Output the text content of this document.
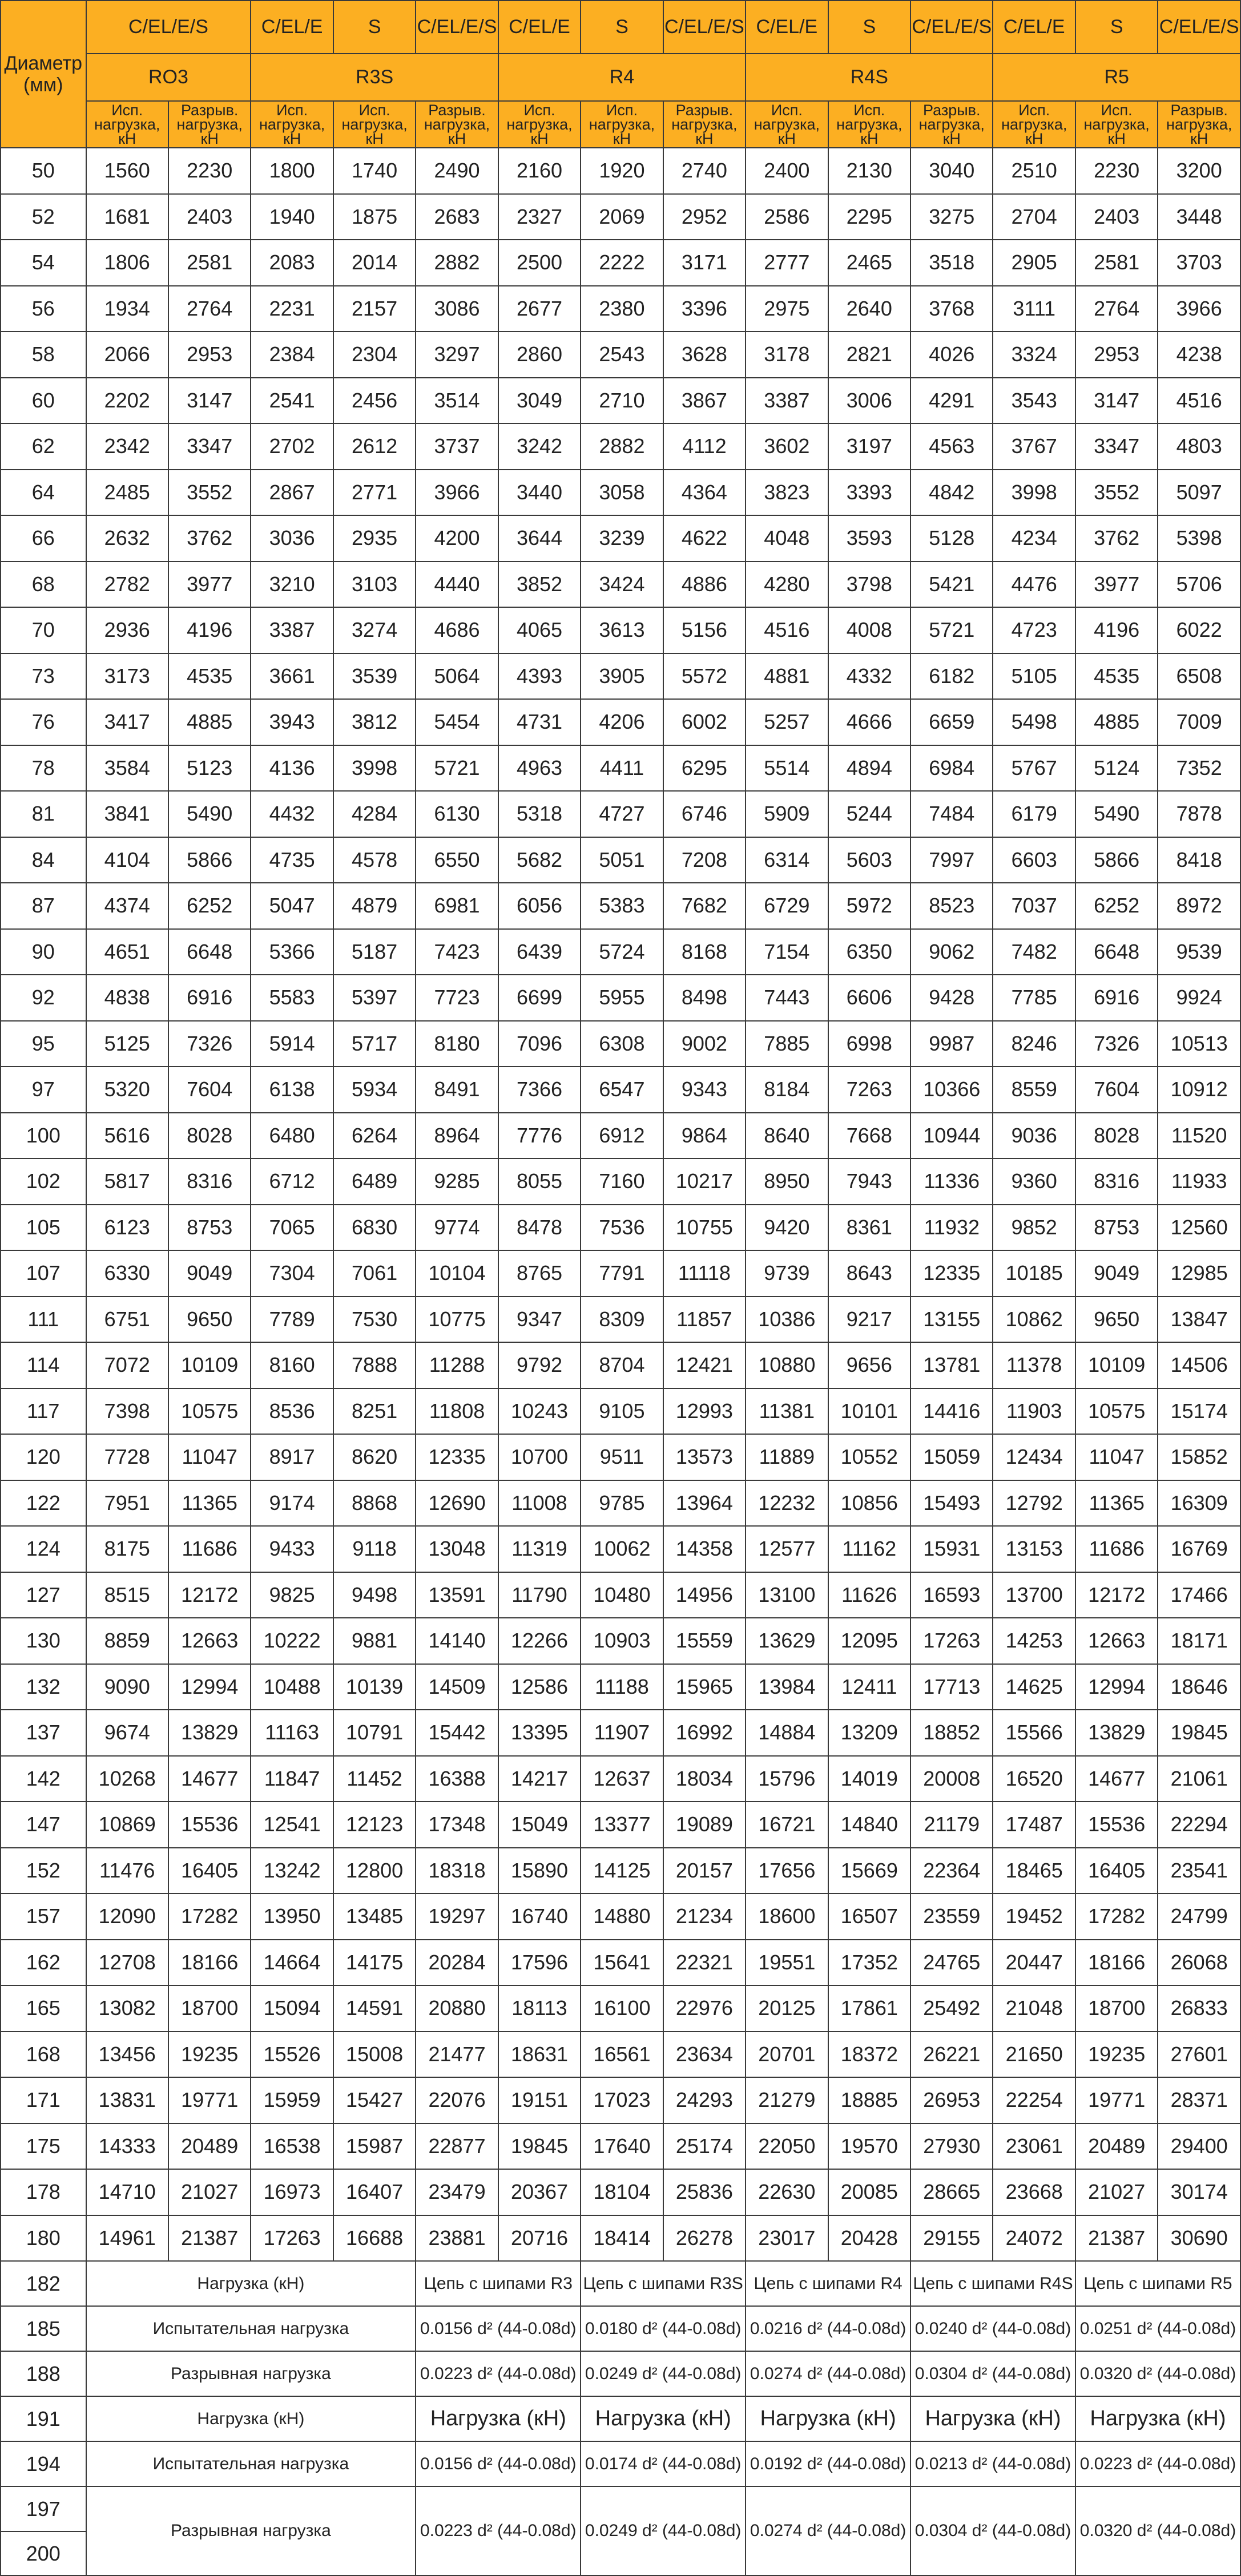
Диаметр (мм)	C/EL/E/S		C/EL/E	S	C/EL/E/S	C/EL/E	S	C/EL/E/S	C/EL/E	S	C/EL/E/S	C/EL/E	S	C/EL/E/S
	RO3		R3S			R4			R4S			R5		
	Исп. нагрузка, кН	Разрыв. нагрузка, кН	Исп. нагрузка, кН	Исп. нагрузка, кН	Разрыв. нагрузка, кН	Исп. нагрузка, кН	Исп. нагрузка, кН	Разрыв. нагрузка, кН	Исп. нагрузка, кН	Исп. нагрузка, кН	Разрыв. нагрузка, кН	Исп. нагрузка, кН	Исп. нагрузка, кН	Разрыв. нагрузка, кН
50	1560	2230	1800	1740	2490	2160	1920	2740	2400	2130	3040	2510	2230	3200
52	1681	2403	1940	1875	2683	2327	2069	2952	2586	2295	3275	2704	2403	3448
54	1806	2581	2083	2014	2882	2500	2222	3171	2777	2465	3518	2905	2581	3703
56	1934	2764	2231	2157	3086	2677	2380	3396	2975	2640	3768	3111	2764	3966
58	2066	2953	2384	2304	3297	2860	2543	3628	3178	2821	4026	3324	2953	4238
60	2202	3147	2541	2456	3514	3049	2710	3867	3387	3006	4291	3543	3147	4516
62	2342	3347	2702	2612	3737	3242	2882	4112	3602	3197	4563	3767	3347	4803
64	2485	3552	2867	2771	3966	3440	3058	4364	3823	3393	4842	3998	3552	5097
66	2632	3762	3036	2935	4200	3644	3239	4622	4048	3593	5128	4234	3762	5398
68	2782	3977	3210	3103	4440	3852	3424	4886	4280	3798	5421	4476	3977	5706
70	2936	4196	3387	3274	4686	4065	3613	5156	4516	4008	5721	4723	4196	6022
73	3173	4535	3661	3539	5064	4393	3905	5572	4881	4332	6182	5105	4535	6508
76	3417	4885	3943	3812	5454	4731	4206	6002	5257	4666	6659	5498	4885	7009
78	3584	5123	4136	3998	5721	4963	4411	6295	5514	4894	6984	5767	5124	7352
81	3841	5490	4432	4284	6130	5318	4727	6746	5909	5244	7484	6179	5490	7878
84	4104	5866	4735	4578	6550	5682	5051	7208	6314	5603	7997	6603	5866	8418
87	4374	6252	5047	4879	6981	6056	5383	7682	6729	5972	8523	7037	6252	8972
90	4651	6648	5366	5187	7423	6439	5724	8168	7154	6350	9062	7482	6648	9539
92	4838	6916	5583	5397	7723	6699	5955	8498	7443	6606	9428	7785	6916	9924
95	5125	7326	5914	5717	8180	7096	6308	9002	7885	6998	9987	8246	7326	10513
97	5320	7604	6138	5934	8491	7366	6547	9343	8184	7263	10366	8559	7604	10912
100	5616	8028	6480	6264	8964	7776	6912	9864	8640	7668	10944	9036	8028	11520
102	5817	8316	6712	6489	9285	8055	7160	10217	8950	7943	11336	9360	8316	11933
105	6123	8753	7065	6830	9774	8478	7536	10755	9420	8361	11932	9852	8753	12560
107	6330	9049	7304	7061	10104	8765	7791	11118	9739	8643	12335	10185	9049	12985
111	6751	9650	7789	7530	10775	9347	8309	11857	10386	9217	13155	10862	9650	13847
114	7072	10109	8160	7888	11288	9792	8704	12421	10880	9656	13781	11378	10109	14506
117	7398	10575	8536	8251	11808	10243	9105	12993	11381	10101	14416	11903	10575	15174
120	7728	11047	8917	8620	12335	10700	9511	13573	11889	10552	15059	12434	11047	15852
122	7951	11365	9174	8868	12690	11008	9785	13964	12232	10856	15493	12792	11365	16309
124	8175	11686	9433	9118	13048	11319	10062	14358	12577	11162	15931	13153	11686	16769
127	8515	12172	9825	9498	13591	11790	10480	14956	13100	11626	16593	13700	12172	17466
130	8859	12663	10222	9881	14140	12266	10903	15559	13629	12095	17263	14253	12663	18171
132	9090	12994	10488	10139	14509	12586	11188	15965	13984	12411	17713	14625	12994	18646
137	9674	13829	11163	10791	15442	13395	11907	16992	14884	13209	18852	15566	13829	19845
142	10268	14677	11847	11452	16388	14217	12637	18034	15796	14019	20008	16520	14677	21061
147	10869	15536	12541	12123	17348	15049	13377	19089	16721	14840	21179	17487	15536	22294
152	11476	16405	13242	12800	18318	15890	14125	20157	17656	15669	22364	18465	16405	23541
157	12090	17282	13950	13485	19297	16740	14880	21234	18600	16507	23559	19452	17282	24799
162	12708	18166	14664	14175	20284	17596	15641	22321	19551	17352	24765	20447	18166	26068
165	13082	18700	15094	14591	20880	18113	16100	22976	20125	17861	25492	21048	18700	26833
168	13456	19235	15526	15008	21477	18631	16561	23634	20701	18372	26221	21650	19235	27601
171	13831	19771	15959	15427	22076	19151	17023	24293	21279	18885	26953	22254	19771	28371
175	14333	20489	16538	15987	22877	19845	17640	25174	22050	19570	27930	23061	20489	29400
178	14710	21027	16973	16407	23479	20367	18104	25836	22630	20085	28665	23668	21027	30174
180	14961	21387	17263	16688	23881	20716	18414	26278	23017	20428	29155	24072	21387	30690
182	Нагрузка (кН)				Цепь с шипами R3		Цепь с шипами R3S		Цепь с шипами R4		Цепь с шипами R4S		Цепь с шипами R5	
185	Испытательная нагрузка				0.0156 d² (44-0.08d)		0.0180 d² (44-0.08d)		0.0216 d² (44-0.08d)		0.0240 d² (44-0.08d)		0.0251 d² (44-0.08d)	
188	Разрывная нагрузка				0.0223 d² (44-0.08d)		0.0249 d² (44-0.08d)		0.0274 d² (44-0.08d)		0.0304 d² (44-0.08d)		0.0320 d² (44-0.08d)	
191	Нагрузка (кН)				Нагрузка (кН)		Нагрузка (кН)		Нагрузка (кН)		Нагрузка (кН)		Нагрузка (кН)	
194	Испытательная нагрузка				0.0156 d² (44-0.08d)		0.0174 d² (44-0.08d)		0.0192 d² (44-0.08d)		0.0213 d² (44-0.08d)		0.0223 d² (44-0.08d)	
197	Разрывная нагрузка				0.0223 d² (44-0.08d)		0.0249 d² (44-0.08d)		0.0274 d² (44-0.08d)		0.0304 d² (44-0.08d)		0.0320 d² (44-0.08d)	
200														
